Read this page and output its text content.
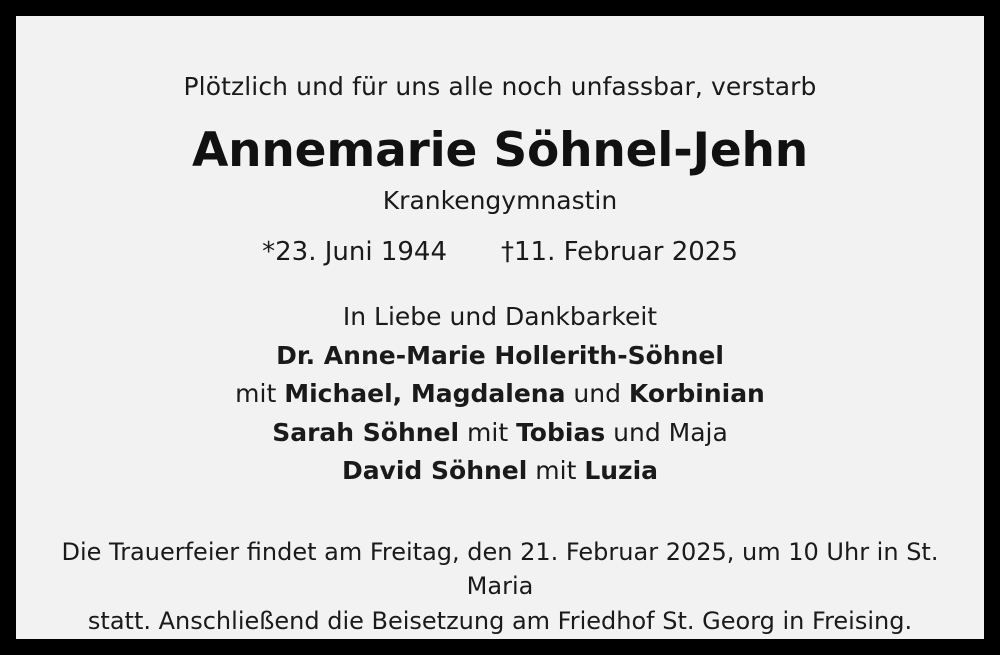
Plötzlich und für uns alle noch unfassbar, verstarb
Annemarie Söhnel-Jehn
Krankengymnastin
*23. Juni 1944 †11. Februar 2025
In Liebe und Dankbarkeit
Dr. Anne-Marie Hollerith-Söhnel
mit Michael, Magdalena und Korbinian
Sarah Söhnel mit Tobias und Maja
David Söhnel mit Luzia
Die Trauerfeier findet am Freitag, den 21. Februar 2025, um 10 Uhr in St. Maria
statt. Anschließend die Beisetzung am Friedhof St. Georg in Freising.
